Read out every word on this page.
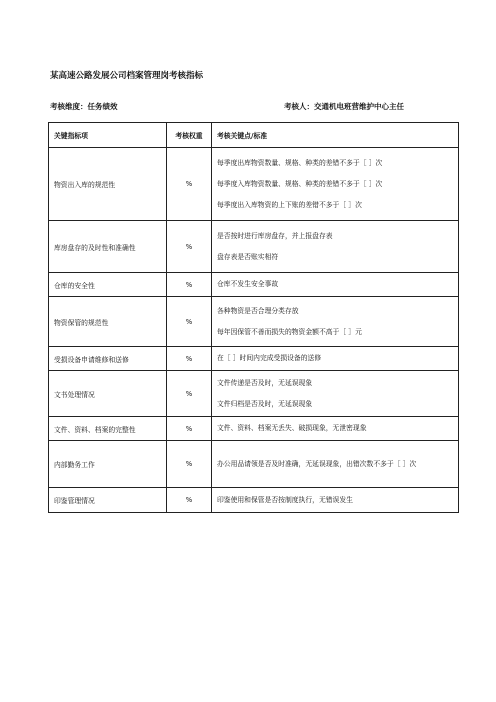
某高速公路发展公司档案管理岗考核指标
考核维度：任务绩效	考核人：交通机电班营维护中心主任
关键指标项	考核权重	考核关键点/标准
物资出入库的规范性	%	每季度出库物资数量、规格、种类的差错不多于［ ］次
每季度入库物资数量、规格、种类的差错不多于［ ］次
每季度出入库物资的上下账的差错不多于［ ］次

库房盘存的及时性和准确性	%	是否按时进行库房盘存，并上报盘存表
盘存表是否账实相符

仓库的安全性	%	仓库不发生安全事故

物资保管的规范性	%	各种物资是否合理分类存放
每年因保管不善而损失的物资金额不高于［ ］元

受损设备申请维修和送修	%	在［ ］时间内完成受损设备的送修

文书处理情况	%	文件传递是否及时，无延误现象
文件归档是否及时，无延误现象

文件、资料、档案的完整性	%	文件、资料、档案无丢失、破损现象，无泄密现象

内部勤务工作	%	办公用品请领是否及时准确，无延误现象，出错次数不多于［ ］次

印鉴管理情况	%	印鉴使用和保管是否按制度执行，无错误发生
